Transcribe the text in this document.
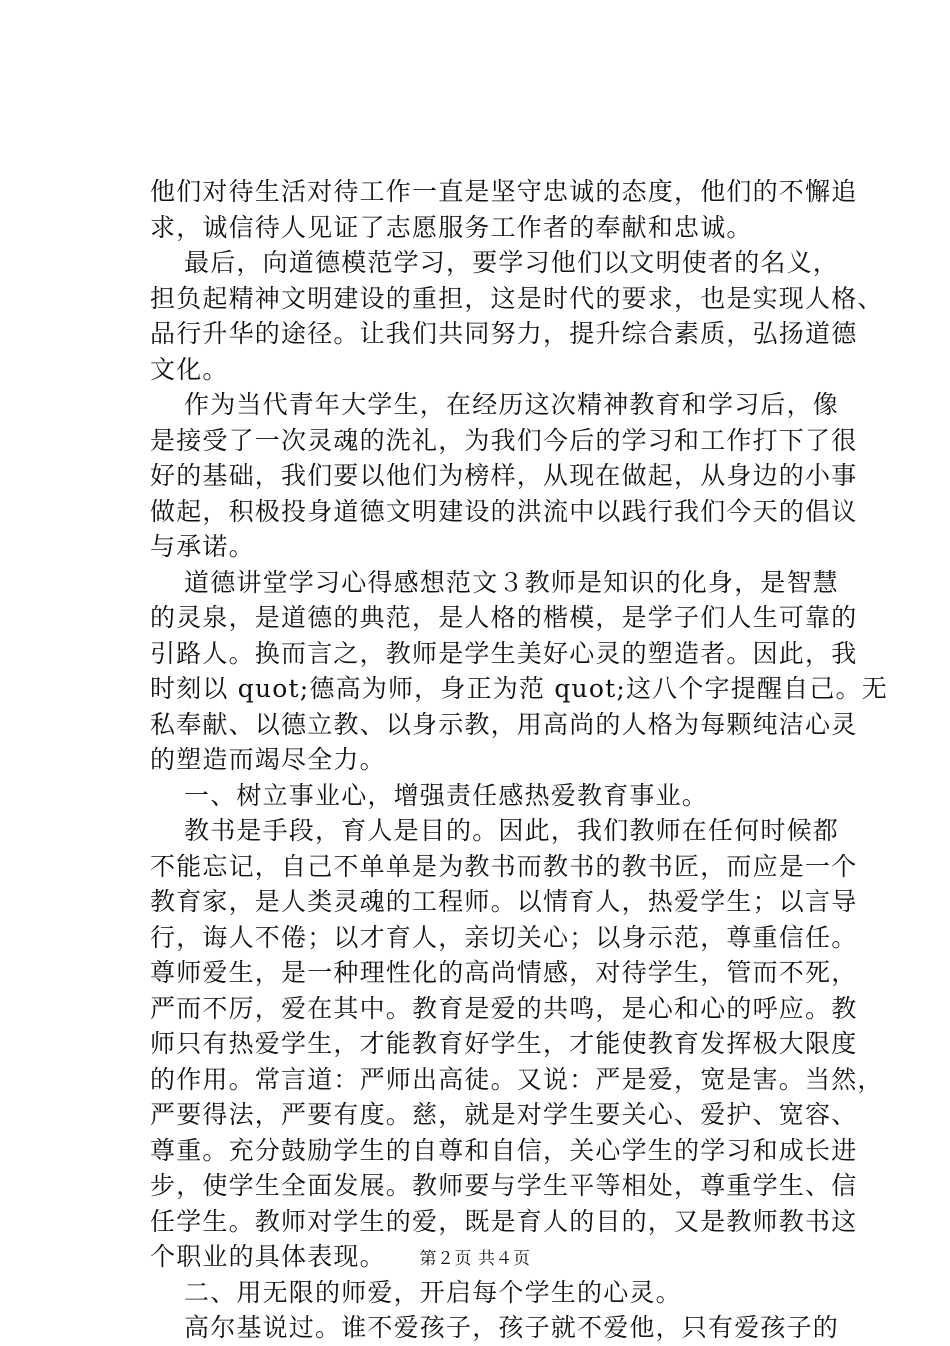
他们对待生活对待工作一直是坚守忠诚的态度，他们的不懈追
求，诚信待人见证了志愿服务工作者的奉献和忠诚。
最后，向道德模范学习，要学习他们以文明使者的名义，
担负起精神文明建设的重担，这是时代的要求，也是实现人格、
品行升华的途径。让我们共同努力，提升综合素质，弘扬道德
文化。
作为当代青年大学生，在经历这次精神教育和学习后，像
是接受了一次灵魂的洗礼，为我们今后的学习和工作打下了很
好的基础，我们要以他们为榜样，从现在做起，从身边的小事
做起，积极投身道德文明建设的洪流中以践行我们今天的倡议
与承诺。
道德讲堂学习心得感想范文３教师是知识的化身，是智慧
的灵泉，是道德的典范，是人格的楷模，是学子们人生可靠的
引路人。换而言之，教师是学生美好心灵的塑造者。因此，我
时刻以 quot;德高为师，身正为范 quot;这八个字提醒自己。无
私奉献、以德立教、以身示教，用高尚的人格为每颗纯洁心灵
的塑造而竭尽全力。
一、树立事业心，增强责任感热爱教育事业。
教书是手段，育人是目的。因此，我们教师在任何时候都
不能忘记，自己不单单是为教书而教书的教书匠，而应是一个
教育家，是人类灵魂的工程师。以情育人，热爱学生；以言导
行，诲人不倦；以才育人，亲切关心；以身示范，尊重信任。
尊师爱生，是一种理性化的高尚情感，对待学生，管而不死，
严而不厉，爱在其中。教育是爱的共鸣，是心和心的呼应。教
师只有热爱学生，才能教育好学生，才能使教育发挥极大限度
的作用。常言道：严师出高徒。又说：严是爱，宽是害。当然，
严要得法，严要有度。慈，就是对学生要关心、爱护、宽容、
尊重。充分鼓励学生的自尊和自信，关心学生的学习和成长进
步，使学生全面发展。教师要与学生平等相处，尊重学生、信
任学生。教师对学生的爱，既是育人的目的，又是教师教书这
个职业的具体表现。
二、用无限的师爱，开启每个学生的心灵。
高尔基说过。谁不爱孩子，孩子就不爱他，只有爱孩子的
第２页 共４页
